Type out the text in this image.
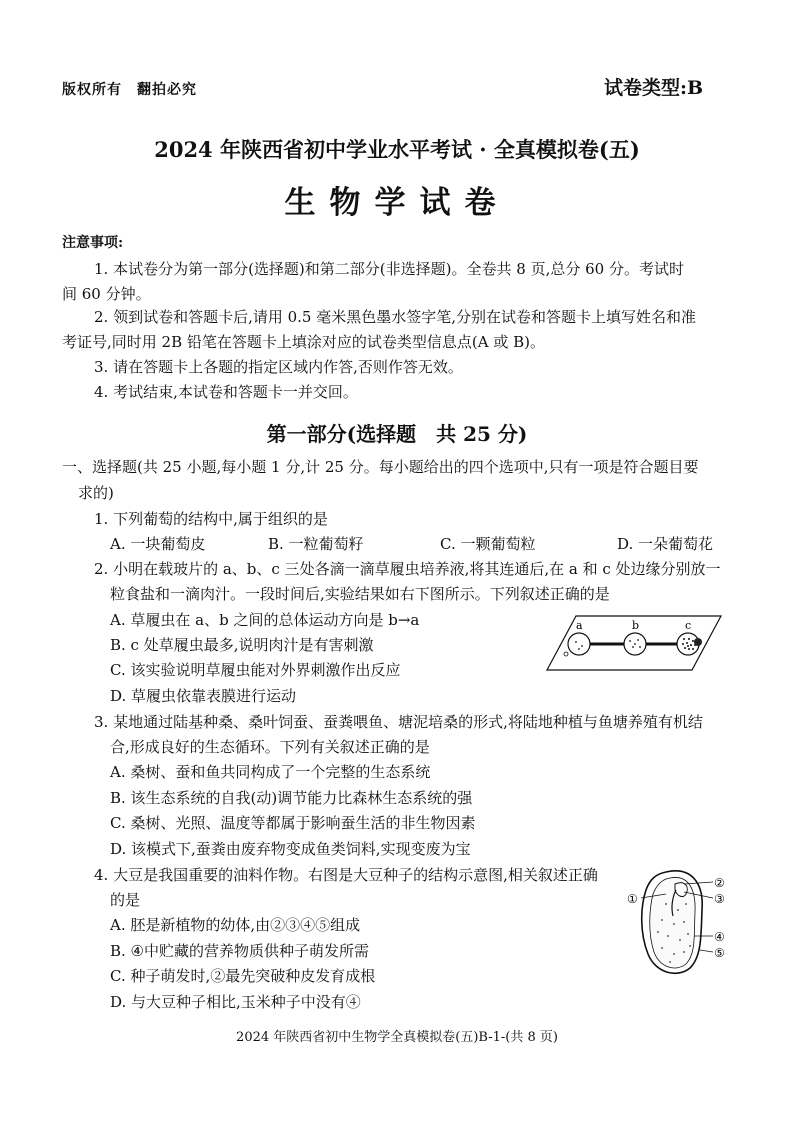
版权所有　翻拍必究	试卷类型:B
2024 年陕西省初中学业水平考试 · 全真模拟卷(五)
生物学试卷
注意事项:
1. 本试卷分为第一部分(选择题)和第二部分(非选择题)。全卷共 8 页,总分 60 分。考试时
间 60 分钟。
2. 领到试卷和答题卡后,请用 0.5 毫米黑色墨水签字笔,分别在试卷和答题卡上填写姓名和准
考证号,同时用 2B 铅笔在答题卡上填涂对应的试卷类型信息点(A 或 B)。
3. 请在答题卡上各题的指定区域内作答,否则作答无效。
4. 考试结束,本试卷和答题卡一并交回。
第一部分(选择题　共 25 分)
一、选择题(共 25 小题,每小题 1 分,计 25 分。每小题给出的四个选项中,只有一项是符合题目要
求的)
1. 下列葡萄的结构中,属于组织的是
A. 一块葡萄皮	B. 一粒葡萄籽	C. 一颗葡萄粒	D. 一朵葡萄花
2. 小明在载玻片的 a、b、c 三处各滴一滴草履虫培养液,将其连通后,在 a 和 c 处边缘分别放一
粒食盐和一滴肉汁。一段时间后,实验结果如右下图所示。下列叙述正确的是
A. 草履虫在 a、b 之间的总体运动方向是 b→a
B. c 处草履虫最多,说明肉汁是有害刺激
C. 该实验说明草履虫能对外界刺激作出反应
D. 草履虫依靠表膜进行运动
a	b	c
3. 某地通过陆基种桑、桑叶饲蚕、蚕粪喂鱼、塘泥培桑的形式,将陆地种植与鱼塘养殖有机结
合,形成良好的生态循环。下列有关叙述正确的是
A. 桑树、蚕和鱼共同构成了一个完整的生态系统
B. 该生态系统的自我(动)调节能力比森林生态系统的强
C. 桑树、光照、温度等都属于影响蚕生活的非生物因素
D. 该模式下,蚕粪由废弃物变成鱼类饲料,实现变废为宝
4. 大豆是我国重要的油料作物。右图是大豆种子的结构示意图,相关叙述正确
的是
A. 胚是新植物的幼体,由②③④⑤组成
B. ④中贮藏的营养物质供种子萌发所需
C. 种子萌发时,②最先突破种皮发育成根
D. 与大豆种子相比,玉米种子中没有④
①
②
③
④
⑤
2024 年陕西省初中生物学全真模拟卷(五)B-1-(共 8 页)
